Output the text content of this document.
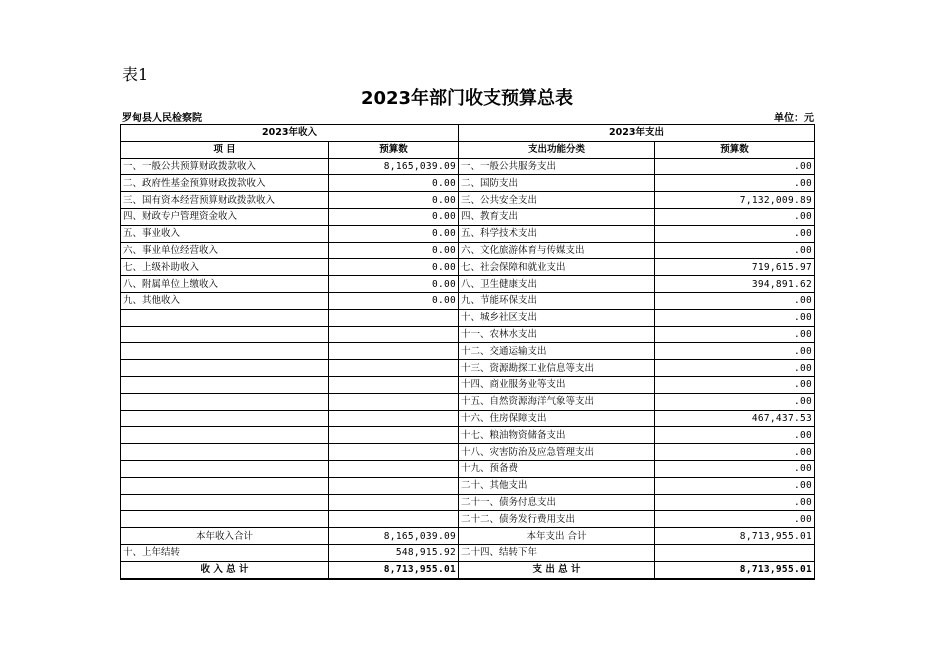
表1
2023年部门收支预算总表
罗甸县人民检察院	单位：元
2023年收入		2023年支出	
项 目	预算数	支出功能分类	预算数
一、一般公共预算财政拨款收入	8,165,039.09	一、一般公共服务支出	.00
二、政府性基金预算财政拨款收入	0.00	二、国防支出	.00
三、国有资本经营预算财政拨款收入	0.00	三、公共安全支出	7,132,009.89
四、财政专户管理资金收入	0.00	四、教育支出	.00
五、事业收入	0.00	五、科学技术支出	.00
六、事业单位经营收入	0.00	六、文化旅游体育与传媒支出	.00
七、上级补助收入	0.00	七、社会保障和就业支出	719,615.97
八、附属单位上缴收入	0.00	八、卫生健康支出	394,891.62
九、其他收入	0.00	九、节能环保支出	.00
		十、城乡社区支出	.00
		十一、农林水支出	.00
		十二、交通运输支出	.00
		十三、资源勘探工业信息等支出	.00
		十四、商业服务业等支出	.00
		十五、自然资源海洋气象等支出	.00
		十六、住房保障支出	467,437.53
		十七、粮油物资储备支出	.00
		十八、灾害防治及应急管理支出	.00
		十九、预备费	.00
		二十、其他支出	.00
		二十一、债务付息支出	.00
		二十二、债务发行费用支出	.00
本年收入合计	8,165,039.09	本年支出 合计	8,713,955.01
十、上年结转	548,915.92	二十四、结转下年	
收 入 总 计	8,713,955.01	支 出 总 计	8,713,955.01
